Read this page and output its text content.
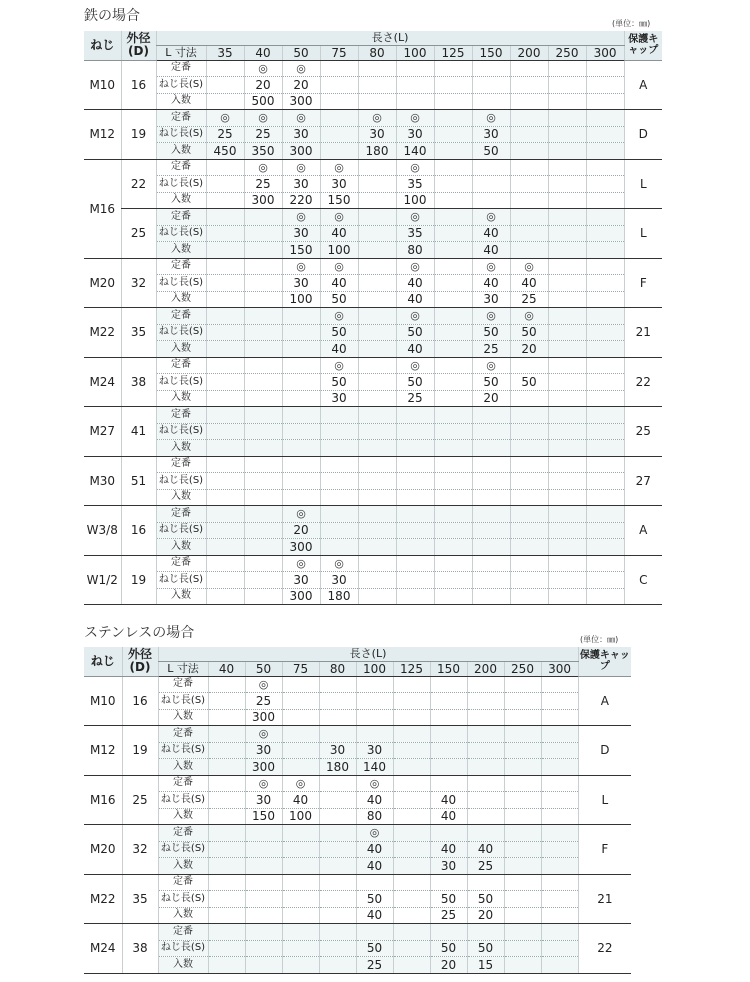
鉄の場合	(単位：㎜)
ねじ	外径(D)	長さ(L)												保護キャップ
		L 寸法	35	40	50	75	80	100	125	150	200	250	300	
M10	16	定番		◎	◎									A
		ねじ長(S)		20	20									
		入数		500	300									
M12	19	定番	◎	◎	◎		◎	◎		◎				D
		ねじ長(S)	25	25	30		30	30		30				
		入数	450	350	300		180	140		50				
M16	22	定番		◎	◎	◎		◎						L
		ねじ長(S)		25	30	30		35						
		入数		300	220	150		100						
	25	定番			◎	◎		◎		◎				L
		ねじ長(S)			30	40		35		40				
		入数			150	100		80		40				
M20	32	定番			◎	◎		◎		◎	◎			F
		ねじ長(S)			30	40		40		40	40			
		入数			100	50		40		30	25			
M22	35	定番				◎		◎		◎	◎			21
		ねじ長(S)				50		50		50	50			
		入数				40		40		25	20			
M24	38	定番				◎		◎		◎				22
		ねじ長(S)				50		50		50	50			
		入数				30		25		20				
M27	41	定番												25
		ねじ長(S)												
		入数												
M30	51	定番												27
		ねじ長(S)												
		入数												
W3/8	16	定番			◎									A
		ねじ長(S)			20									
		入数			300									
W1/2	19	定番			◎	◎								C
		ねじ長(S)			30	30								
		入数			300	180								
ステンレスの場合	(単位：㎜)
ねじ	外径(D)	長さ(L)											保護キャップ
		L 寸法	40	50	75	80	100	125	150	200	250	300	
M10	16	定番		◎									A
		ねじ長(S)		25									
		入数		300									
M12	19	定番		◎									D
		ねじ長(S)		30		30	30						
		入数		300		180	140						
M16	25	定番		◎	◎		◎						L
		ねじ長(S)		30	40		40		40				
		入数		150	100		80		40				
M20	32	定番					◎						F
		ねじ長(S)					40		40	40			
		入数					40		30	25			
M22	35	定番											21
		ねじ長(S)					50		50	50			
		入数					40		25	20			
M24	38	定番											22
		ねじ長(S)					50		50	50			
		入数					25		20	15			
